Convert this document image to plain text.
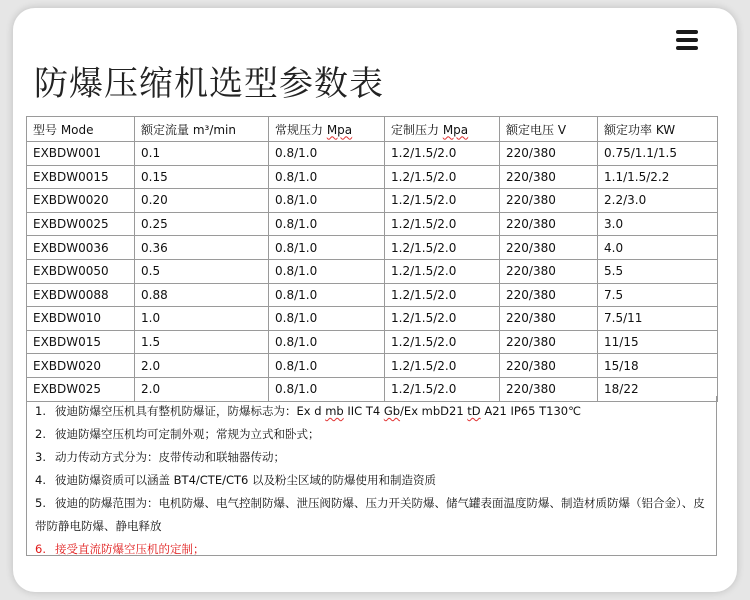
防爆压缩机选型参数表
型号 Mode	额定流量 m³/min	常规压力 Mpa	定制压力 Mpa	额定电压 V	额定功率 KW
EXBDW001	0.1	0.8/1.0	1.2/1.5/2.0	220/380	0.75/1.1/1.5
EXBDW0015	0.15	0.8/1.0	1.2/1.5/2.0	220/380	1.1/1.5/2.2
EXBDW0020	0.20	0.8/1.0	1.2/1.5/2.0	220/380	2.2/3.0
EXBDW0025	0.25	0.8/1.0	1.2/1.5/2.0	220/380	3.0
EXBDW0036	0.36	0.8/1.0	1.2/1.5/2.0	220/380	4.0
EXBDW0050	0.5	0.8/1.0	1.2/1.5/2.0	220/380	5.5
EXBDW0088	0.88	0.8/1.0	1.2/1.5/2.0	220/380	7.5
EXBDW010	1.0	0.8/1.0	1.2/1.5/2.0	220/380	7.5/11
EXBDW015	1.5	0.8/1.0	1.2/1.5/2.0	220/380	11/15
EXBDW020	2.0	0.8/1.0	1.2/1.5/2.0	220/380	15/18
EXBDW025	2.0	0.8/1.0	1.2/1.5/2.0	220/380	18/22
1. 彼迪防爆空压机具有整机防爆证，防爆标志为：Ex d mb IIC T4 Gb/Ex mbD21 tD A21 IP65 T130℃
2. 彼迪防爆空压机均可定制外观；常规为立式和卧式；
3. 动力传动方式分为：皮带传动和联轴器传动；
4. 彼迪防爆资质可以涵盖 BT4/CTE/CT6 以及粉尘区域的防爆使用和制造资质
5. 彼迪的防爆范围为：电机防爆、电气控制防爆、泄压阀防爆、压力开关防爆、储气罐表面温度防爆、制造材质防爆（铝合金）、皮带防静电防爆、静电释放
6. 接受直流防爆空压机的定制；
